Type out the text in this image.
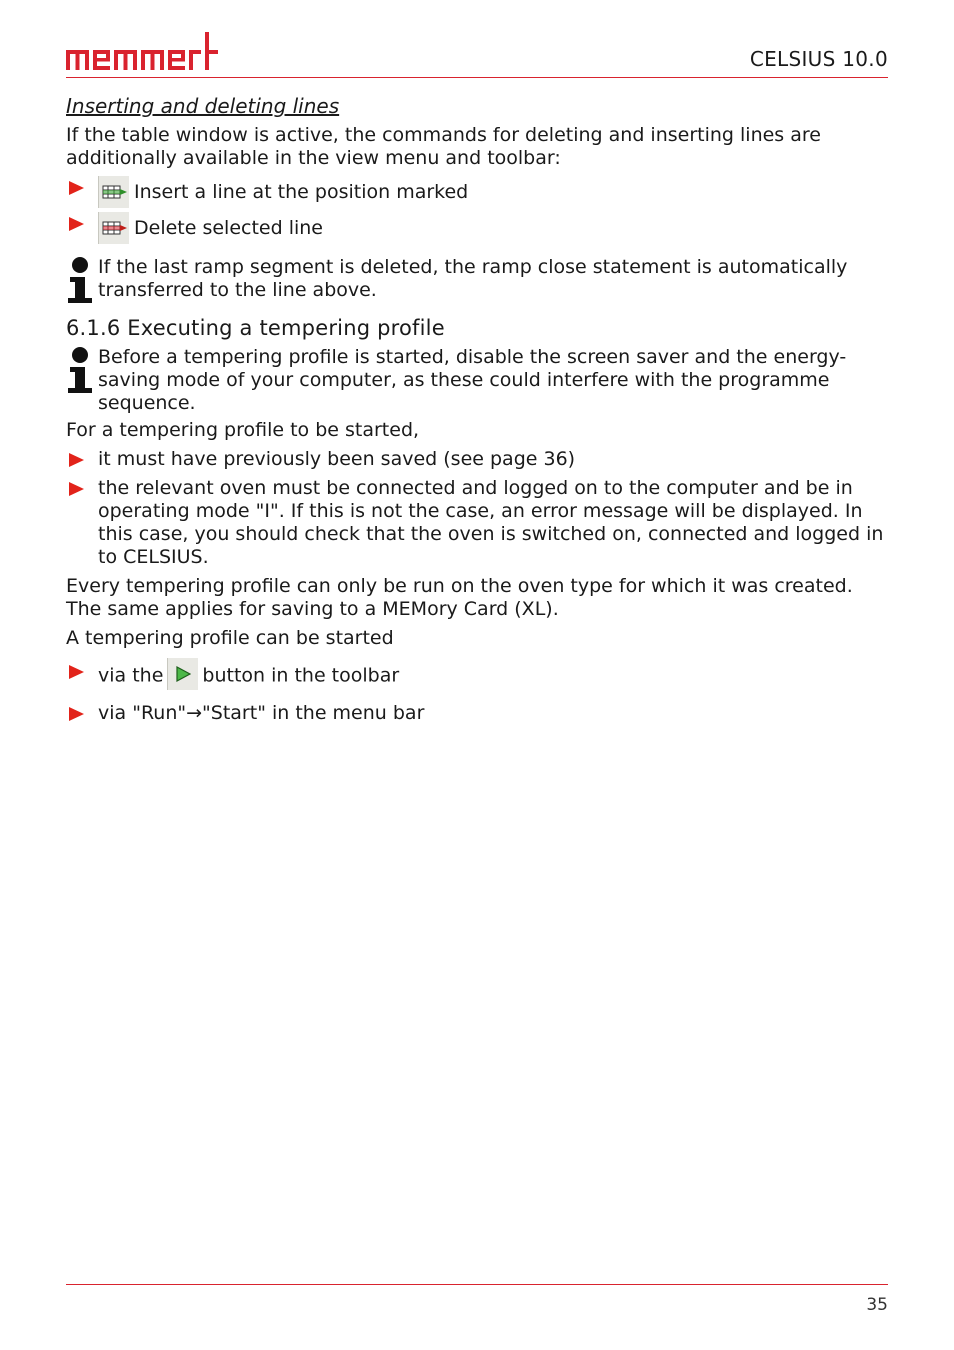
CELSIUS 10.0
Inserting and deleting lines

If the table window is active, the commands for deleting and inserting lines are additionally available in the view menu and toolbar:

Insert a line at the position marked
Delete selected line
If the last ramp segment is deleted, the ramp close statement is automatically transferred to the line above.
6.1.6 Executing a tempering profile
Before a tempering profile is started, disable the screen saver and the energy-saving mode of your computer, as these could interfere with the programme sequence.

For a tempering profile to be started,

it must have previously been saved (see page 36)
the relevant oven must be connected and logged on to the computer and be in operating mode "I". If this is not the case, an error message will be displayed. In this case, you should check that the oven is switched on, connected and logged in to CELSIUS.

Every tempering profile can only be run on the oven type for which it was created. The same applies for saving to a MEMory Card (XL).

A tempering profile can be started

via the button in the toolbar
via "Run"→"Start" in the menu bar
35
